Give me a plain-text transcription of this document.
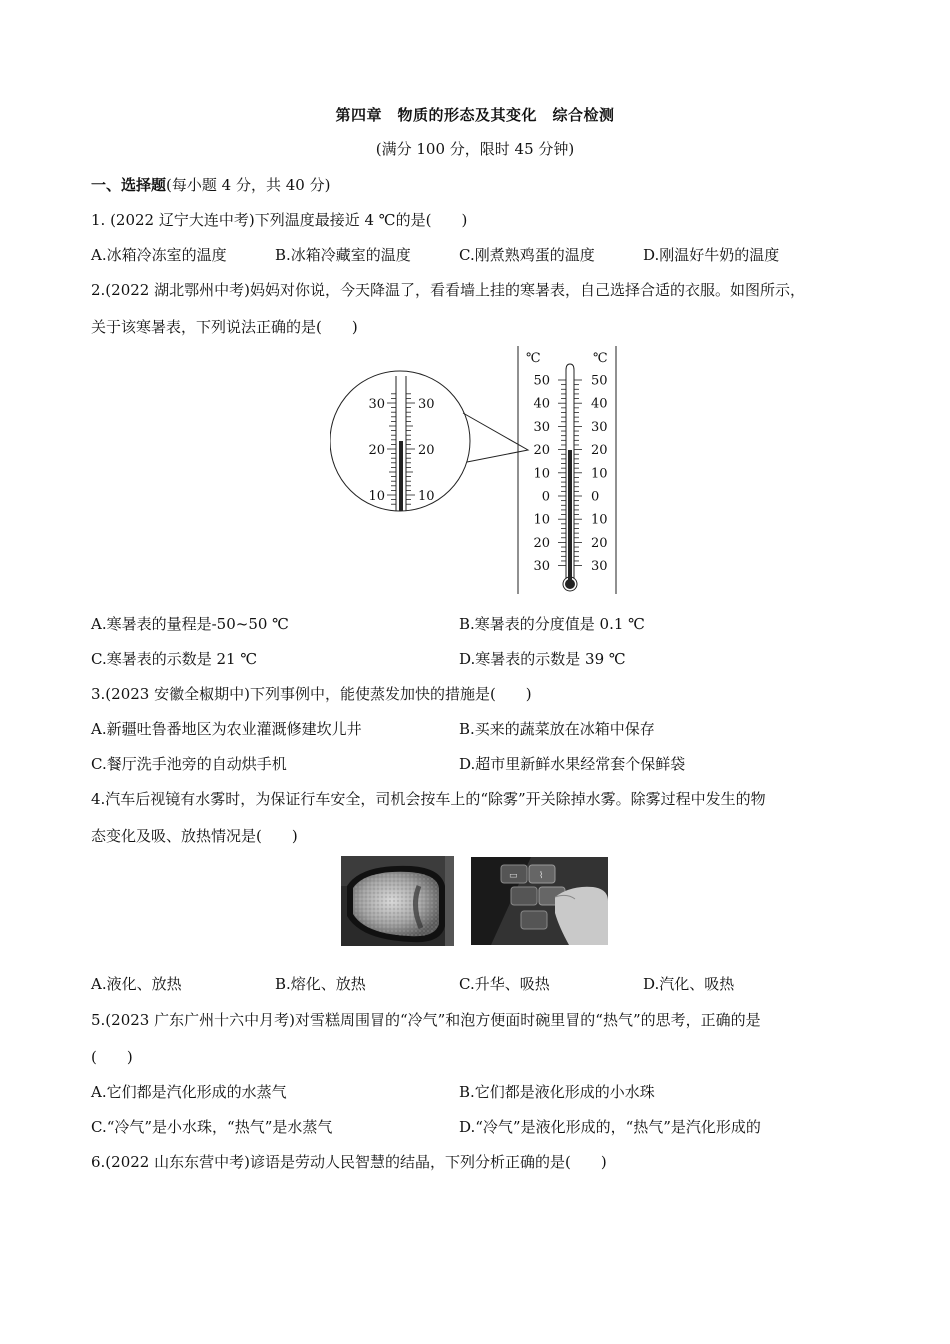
第四章　物质的形态及其变化　综合检测
(满分 100 分，限时 45 分钟)
一、选择题(每小题 4 分，共 40 分)
1. (2022 辽宁大连中考)下列温度最接近 4 ℃的是(　　)
A.冰箱冷冻室的温度	B.冰箱冷藏室的温度	C.刚煮熟鸡蛋的温度	D.刚温好牛奶的温度
2.(2022 湖北鄂州中考)妈妈对你说，今天降温了，看看墙上挂的寒暑表，自己选择合适的衣服。如图所示，
关于该寒暑表，下列说法正确的是(　　)
℃	℃
50
40
30
20
10
0
10
20
30
50
40
30
20
10
0
10
20
30
30
20
10
30
20
10
A.寒暑表的量程是-50~50 ℃	B.寒暑表的分度值是 0.1 ℃
C.寒暑表的示数是 21 ℃	D.寒暑表的示数是 39 ℃
3.(2023 安徽全椒期中)下列事例中，能使蒸发加快的措施是(　　)
A.新疆吐鲁番地区为农业灌溉修建坎儿井	B.买来的蔬菜放在冰箱中保存
C.餐厅洗手池旁的自动烘手机	D.超市里新鲜水果经常套个保鲜袋
4.汽车后视镜有水雾时，为保证行车安全，司机会按车上的“除雾”开关除掉水雾。除雾过程中发生的物
态变化及吸、放热情况是(　　)
▭ ⌇
A.液化、放热	B.熔化、放热	C.升华、吸热	D.汽化、吸热
5.(2023 广东广州十六中月考)对雪糕周围冒的“冷气”和泡方便面时碗里冒的“热气”的思考，正确的是
(　　)
A.它们都是汽化形成的水蒸气	B.它们都是液化形成的小水珠
C.“冷气”是小水珠，“热气”是水蒸气	D.“冷气”是液化形成的，“热气”是汽化形成的
6.(2022 山东东营中考)谚语是劳动人民智慧的结晶，下列分析正确的是(　　)
